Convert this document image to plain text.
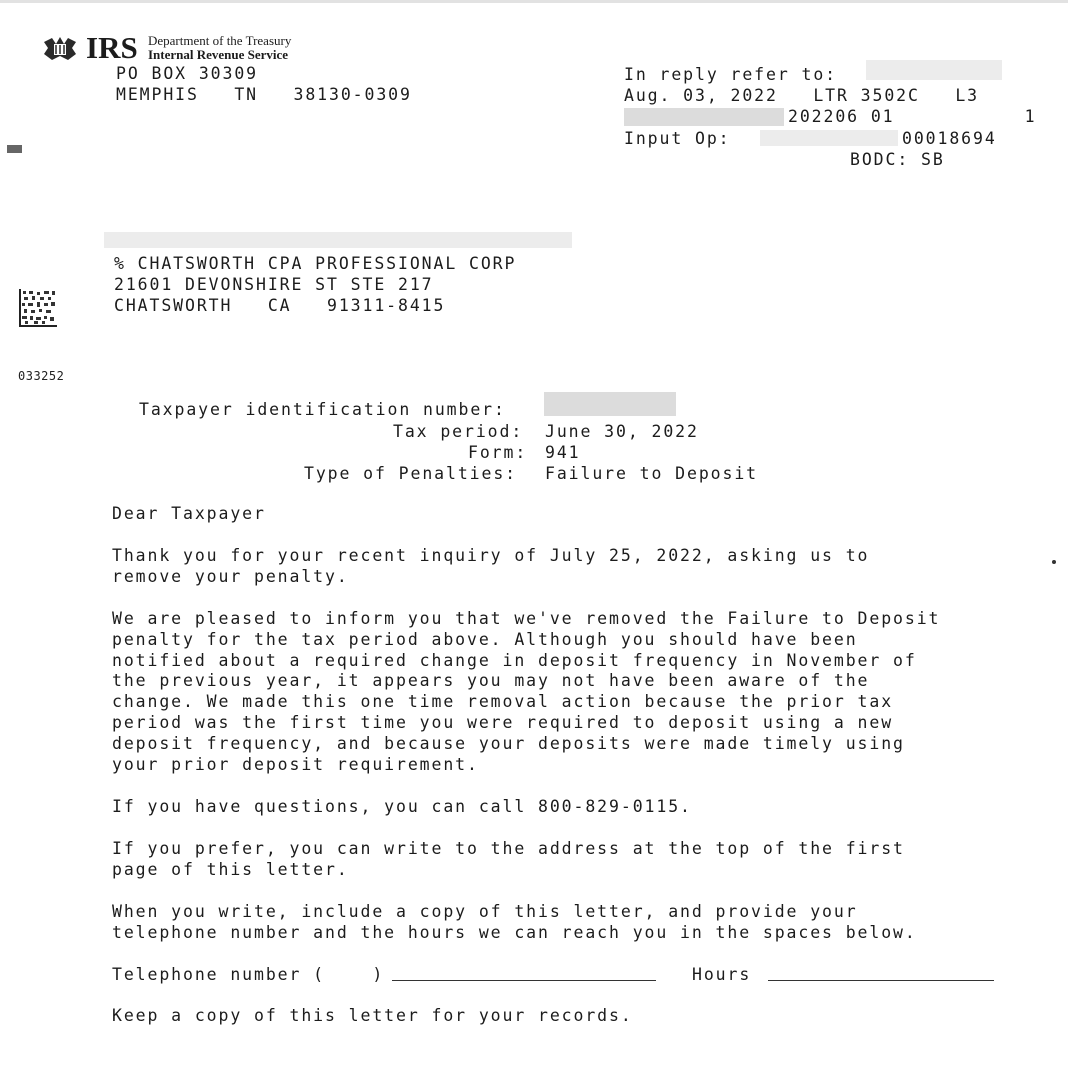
IRS Department of the Treasury
Internal Revenue Service
PO BOX 30309
MEMPHIS   TN   38130-0309
In reply refer to:
Aug. 03, 2022   LTR 3502C   L3
202206 01           1
Input Op:	00018694
BODC: SB
033252
% CHATSWORTH CPA PROFESSIONAL CORP
21601 DEVONSHIRE ST STE 217
CHATSWORTH   CA   91311-8415
Taxpayer identification number:
Tax period: June 30, 2022
Form: 941
Type of Penalties: Failure to Deposit
Dear Taxpayer
Thank you for your recent inquiry of July 25, 2022, asking us to
remove your penalty.
We are pleased to inform you that we've removed the Failure to Deposit
penalty for the tax period above. Although you should have been
notified about a required change in deposit frequency in November of
the previous year, it appears you may not have been aware of the
change. We made this one time removal action because the prior tax
period was the first time you were required to deposit using a new
deposit frequency, and because your deposits were made timely using
your prior deposit requirement.
If you have questions, you can call 800-829-0115.
If you prefer, you can write to the address at the top of the first
page of this letter.
When you write, include a copy of this letter, and provide your
telephone number and the hours we can reach you in the spaces below.
Telephone number (    )	Hours
Keep a copy of this letter for your records.
